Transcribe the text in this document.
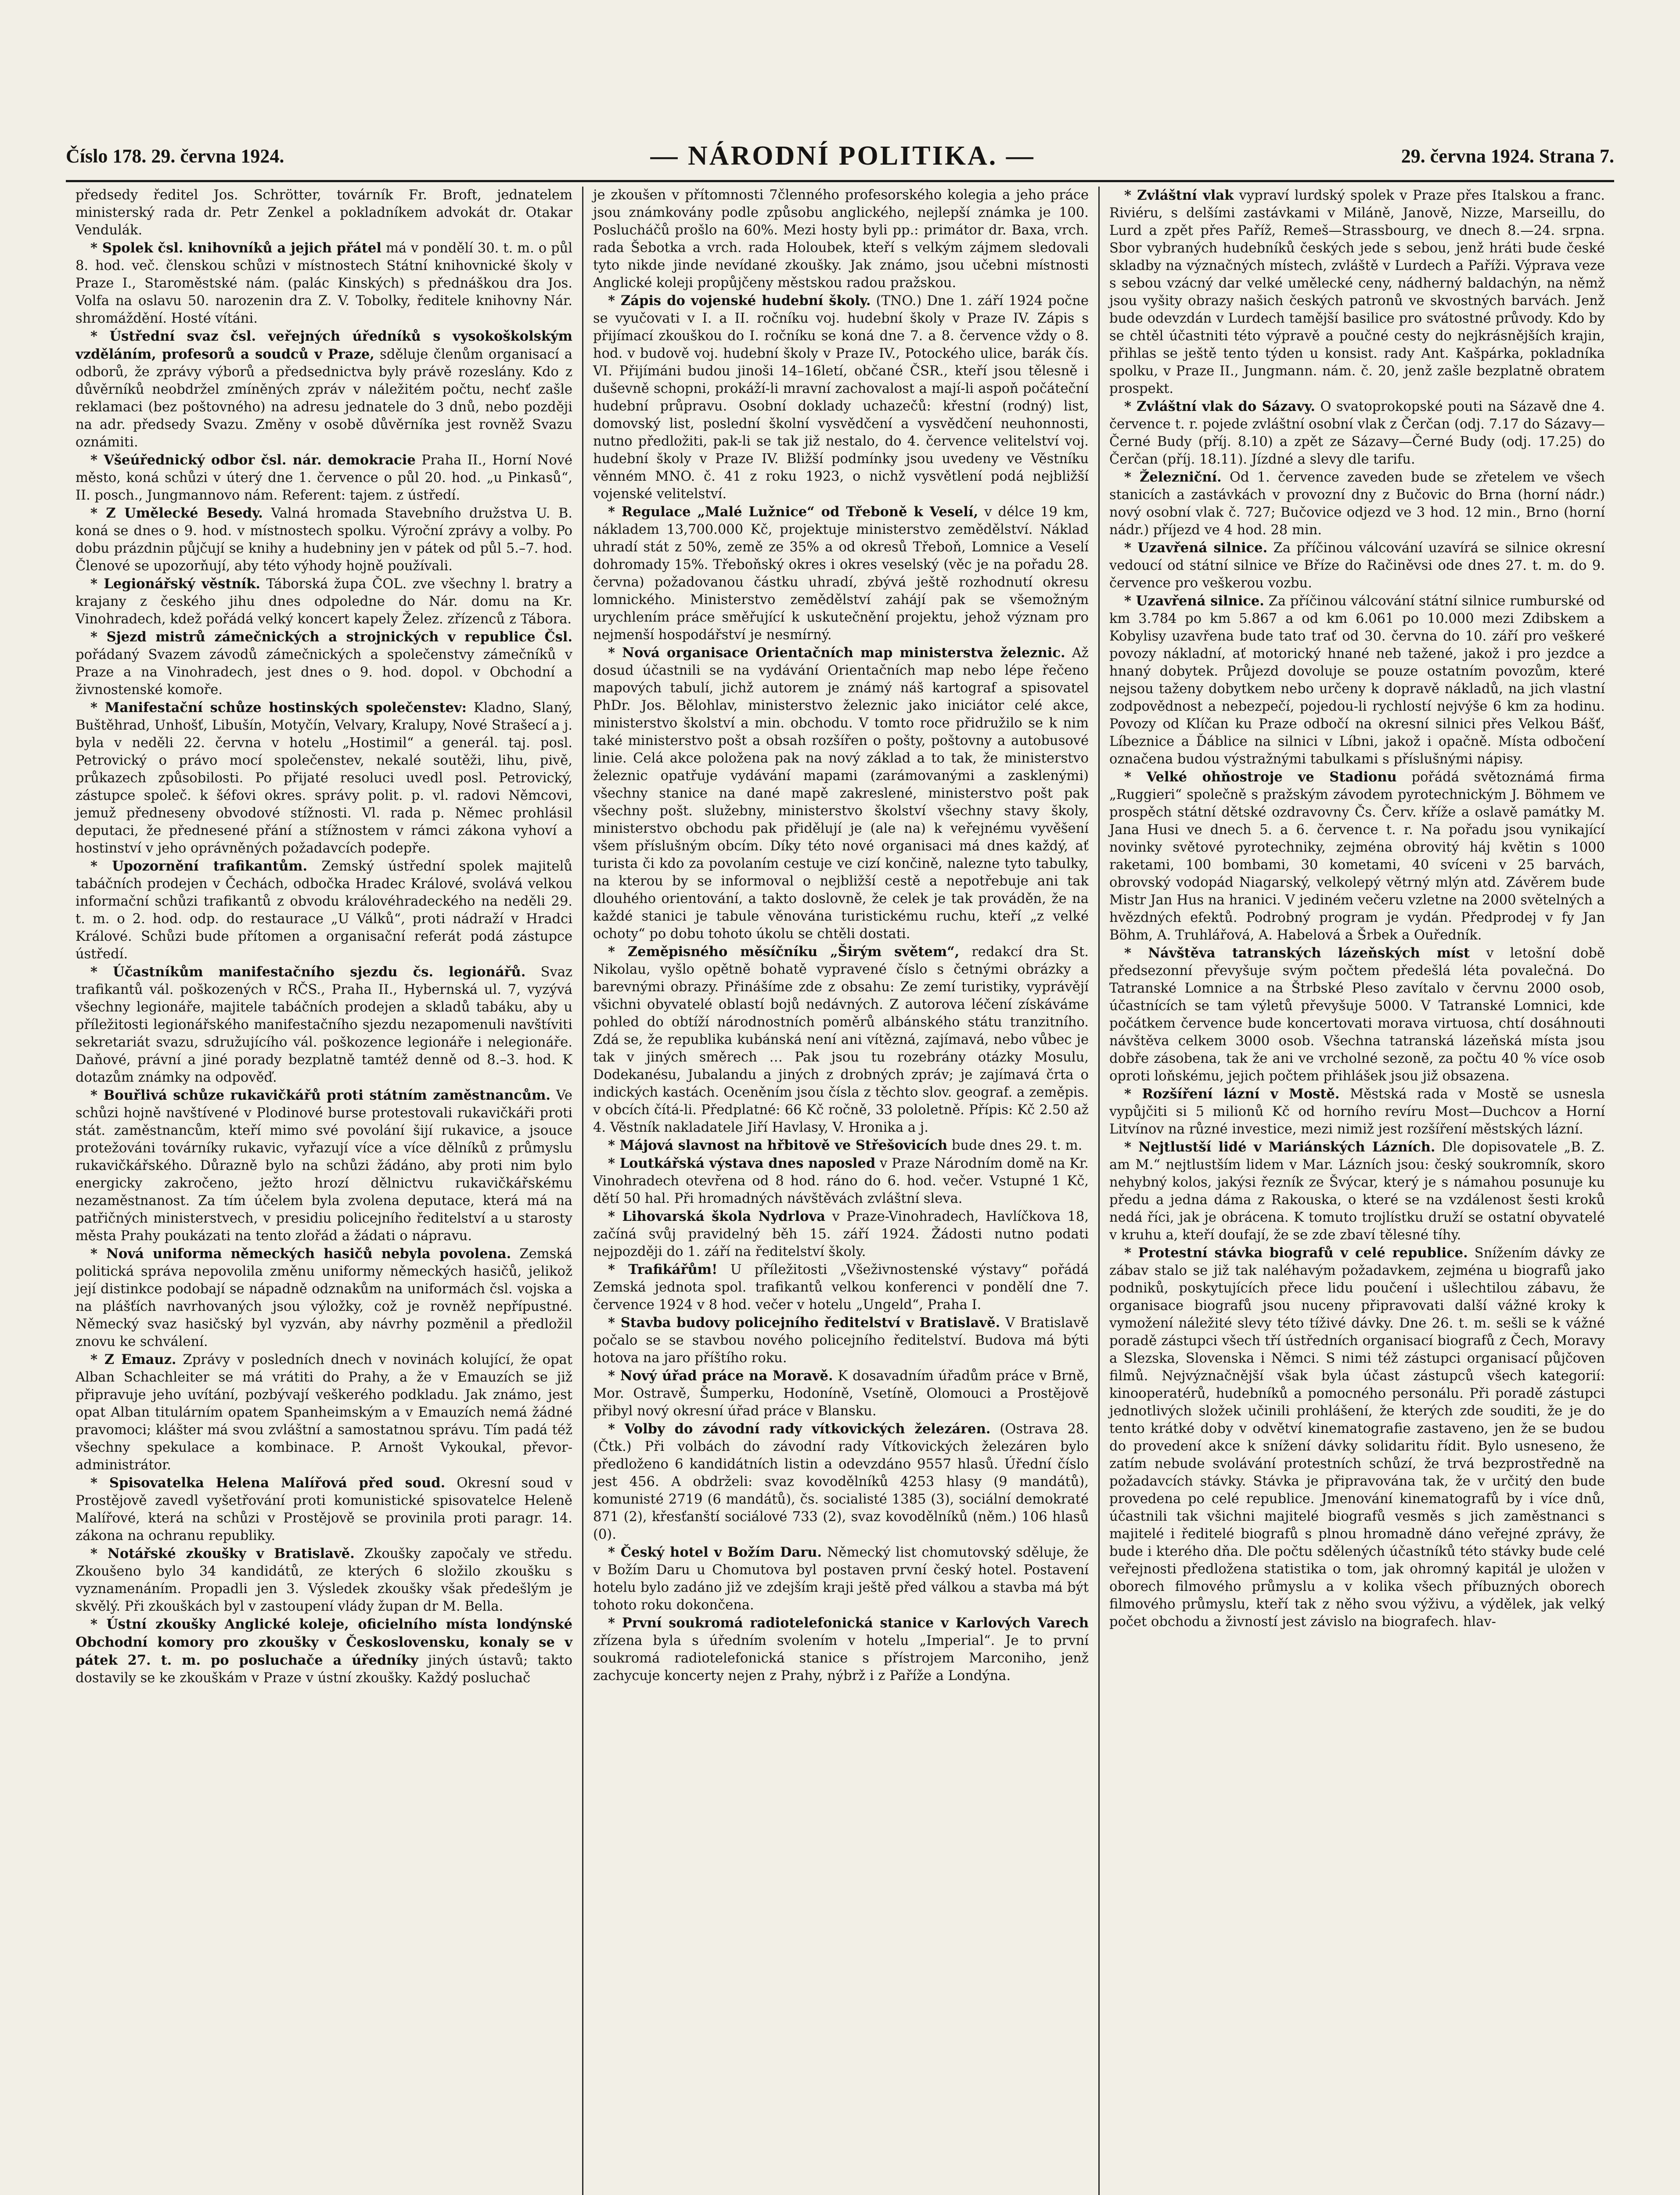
Číslo 178. 29. června 1924.	— NÁRODNÍ POLITIKA. —	29. června 1924. Strana 7.

předsedy ředitel Jos. Schrötter, továrník Fr. Broft, jednatelem ministerský rada dr. Petr Zenkel a pokladníkem advokát dr. Otakar Vendulák.

* Spolek čsl. knihovníků a jejich přátel má v pondělí 30. t. m. o půl 8. hod. več. členskou schůzi v místnostech Státní knihovnické školy v Praze I., Staroměstské nám. (palác Kinských) s přednáškou dra Jos. Volfa na oslavu 50. narozenin dra Z. V. Tobolky, ředitele knihovny Nár. shromáždění. Hosté vítáni.

* Ústřední svaz čsl. veřejných úředníků s vysokoškolským vzděláním, profesorů a soudců v Praze, sděluje členům organisací a odborů, že zprávy výborů a předsednictva byly právě rozeslány. Kdo z důvěrníků neobdržel zmíněných zpráv v náležitém počtu, nechť zašle reklamaci (bez poštovného) na adresu jednatele do 3 dnů, nebo později na adr. předsedy Svazu. Změny v osobě důvěrníka jest rovněž Svazu oznámiti.

* Všeúřednický odbor čsl. nár. demokracie Praha II., Horní Nové město, koná schůzi v úterý dne 1. července o půl 20. hod. „u Pinkasů“, II. posch., Jungmannovo nám. Referent: tajem. z ústředí.

* Z Umělecké Besedy. Valná hromada Stavebního družstva U. B. koná se dnes o 9. hod. v místnostech spolku. Výroční zprávy a volby. Po dobu prázdnin půjčují se knihy a hudebniny jen v pátek od půl 5.–7. hod. Členové se upozorňují, aby této výhody hojně používali.

* Legionářský věstník. Táborská župa ČOL. zve všechny l. bratry a krajany z českého jihu dnes odpoledne do Nár. domu na Kr. Vinohradech, kdež pořádá velký koncert kapely Želez. zřízenců z Tábora.

* Sjezd mistrů zámečnických a strojnických v republice Čsl. pořádaný Svazem závodů zámečnických a společenstvy zámečníků v Praze a na Vinohradech, jest dnes o 9. hod. dopol. v Obchodní a živnostenské komoře.

* Manifestační schůze hostinských společenstev: Kladno, Slaný, Buštěhrad, Unhošť, Libušín, Motyčín, Velvary, Kralupy, Nové Strašecí a j. byla v neděli 22. června v hotelu „Hostimil“ a generál. taj. posl. Petrovický o právo mocí společenstev, nekalé soutěži, lihu, pivě, průkazech způsobilosti. Po přijaté resoluci uvedl posl. Petrovický, zástupce společ. k šéfovi okres. správy polit. p. vl. radovi Němcovi, jemuž předneseny obvodové stížnosti. Vl. rada p. Němec prohlásil deputaci, že přednesené přání a stížnostem v rámci zákona vyhoví a hostinství v jeho oprávněných požadavcích podepře.

* Upozornění trafikantům. Zemský ústřední spolek majitelů tabáčních prodejen v Čechách, odbočka Hradec Králové, svolává velkou informační schůzi trafikantů z obvodu královéhradeckého na neděli 29. t. m. o 2. hod. odp. do restaurace „U Válků“, proti nádraží v Hradci Králové. Schůzi bude přítomen a organisační referát podá zástupce ústředí.

* Účastníkům manifestačního sjezdu čs. legionářů. Svaz trafikantů vál. poškozených v RČS., Praha II., Hybernská ul. 7, vyzývá všechny legionáře, majitele tabáčních prodejen a skladů tabáku, aby u příležitosti legionářského manifestačního sjezdu nezapomenuli navštíviti sekretariát svazu, sdružujícího vál. poškozence legionáře i nelegionáře. Daňové, právní a jiné porady bezplatně tamtéž denně od 8.–3. hod. K dotazům známky na odpověď.

* Bouřlivá schůze rukavičkářů proti státním zaměstnancům. Ve schůzi hojně navštívené v Plodinové burse protestovali rukavičkáři proti stát. zaměstnancům, kteří mimo své povolání šijí rukavice, a jsouce protežováni továrníky rukavic, vyřazují více a více dělníků z průmyslu rukavičkářského. Důrazně bylo na schůzi žádáno, aby proti nim bylo energicky zakročeno, ježto hrozí dělnictvu rukavičkářskému nezaměstnanost. Za tím účelem byla zvolena deputace, která má na patřičných ministerstvech, v presidiu policejního ředitelství a u starosty města Prahy poukázati na tento zlořád a žádati o nápravu.

* Nová uniforma německých hasičů nebyla povolena. Zemská politická správa nepovolila změnu uniformy německých hasičů, jelikož její distinkce podobají se nápadně odznakům na uniformách čsl. vojska a na plášťích navrhovaných jsou výložky, což je rovněž nepřípustné. Německý svaz hasičský byl vyzván, aby návrhy pozměnil a předložil znovu ke schválení.

* Z Emauz. Zprávy v posledních dnech v novinách kolující, že opat Alban Schachleiter se má vrátiti do Prahy, a že v Emauzích se již připravuje jeho uvítání, pozbývají veškerého podkladu. Jak známo, jest opat Alban titulárním opatem Spanheimským a v Emauzích nemá žádné pravomoci; klášter má svou zvláštní a samostatnou správu. Tím padá též všechny spekulace a kombinace. P. Arnošt Vykoukal, převor-administrátor.

* Spisovatelka Helena Malířová před soud. Okresní soud v Prostějově zavedl vyšetřování proti komunistické spisovatelce Heleně Malířové, která na schůzi v Prostějově se provinila proti paragr. 14. zákona na ochranu republiky.

* Notářské zkoušky v Bratislavě. Zkoušky započaly ve středu. Zkoušeno bylo 34 kandidátů, ze kterých 6 složilo zkoušku s vyznamenáním. Propadli jen 3. Výsledek zkoušky však předešlým je skvělý. Při zkouškách byl v zastoupení vlády župan dr M. Bella.

* Ústní zkoušky Anglické koleje, oficielního místa londýnské Obchodní komory pro zkoušky v Československu, konaly se v pátek 27. t. m. po posluchače a úředníky jiných ústavů; takto dostavily se ke zkouškám v Praze v ústní zkoušky. Každý posluchač

je zkoušen v přítomnosti 7členného profesorského kolegia a jeho práce jsou známkovány podle způsobu anglického, nejlepší známka je 100. Poslucháčů prošlo na 60%. Mezi hosty byli pp.: primátor dr. Baxa, vrch. rada Šebotka a vrch. rada Holoubek, kteří s velkým zájmem sledovali tyto nikde jinde nevídané zkoušky. Jak známo, jsou učebni místnosti Anglické koleji propůjčeny městskou radou pražskou.

* Zápis do vojenské hudební školy. (TNO.) Dne 1. září 1924 počne se vyučovati v I. a II. ročníku voj. hudební školy v Praze IV. Zápis s přijímací zkouškou do I. ročníku se koná dne 7. a 8. července vždy o 8. hod. v budově voj. hudební školy v Praze IV., Potockého ulice, barák čís. VI. Přijímáni budou jinoši 14–16letí, občané ČSR., kteří jsou tělesně i duševně schopni, prokáží-li mravní zachovalost a mají-li aspoň počáteční hudební průpravu. Osobní doklady uchazečů: křestní (rodný) list, domovský list, poslední školní vysvědčení a vysvědčení neuhonnosti, nutno předložiti, pak-li se tak již nestalo, do 4. července velitelství voj. hudební školy v Praze IV. Bližší podmínky jsou uvedeny ve Věstníku věnném MNO. č. 41 z roku 1923, o nichž vysvětlení podá nejbližší vojenské velitelství.

* Regulace „Malé Lužnice“ od Třeboně k Veselí, v délce 19 km, nákladem 13,700.000 Kč, projektuje ministerstvo zemědělství. Náklad uhradí stát z 50%, země ze 35% a od okresů Třeboň, Lomnice a Veselí dohromady 15%. Třeboňský okres i okres veselský (věc je na pořadu 28. června) požadovanou částku uhradí, zbývá ještě rozhodnutí okresu lomnického. Ministerstvo zemědělství zahájí pak se všemožným urychlením práce směřující k uskutečnění projektu, jehož význam pro nejmenší hospodářství je nesmírný.

* Nová organisace Orientačních map ministerstva železnic. Až dosud účastnili se na vydávání Orientačních map nebo lépe řečeno mapových tabulí, jichž autorem je známý náš kartograf a spisovatel PhDr. Jos. Bělohlav, ministerstvo železnic jako iniciátor celé akce, ministerstvo školství a min. obchodu. V tomto roce přidružilo se k nim také ministerstvo pošt a obsah rozšířen o pošty, poštovny a autobusové linie. Celá akce položena pak na nový základ a to tak, že ministerstvo železnic opatřuje vydávání mapami (zarámovanými a zasklenými) všechny stanice na dané mapě zakreslené, ministerstvo pošt pak všechny pošt. služebny, ministerstvo školství všechny stavy školy, ministerstvo obchodu pak přidělují je (ale na) k veřejnému vyvěšení všem příslušným obcím. Díky této nové organisaci má dnes každý, ať turista či kdo za povolaním cestuje ve cizí končině, nalezne tyto tabulky, na kterou by se informoval o nejbližší cestě a nepotřebuje ani tak dlouhého orientování, a takto doslovně, že celek je tak prováděn, že na každé stanici je tabule věnována turistickému ruchu, kteří „z velké ochoty“ po dobu tohoto úkolu se chtěli dostati.

* Zeměpisného měsíčníku „Širým světem“, redakcí dra St. Nikolau, vyšlo opětně bohatě vypravené číslo s četnými obrázky a barevnými obrazy. Přinášíme zde z obsahu: Ze zemí turistiky, vyprávějí všichni obyvatelé oblastí bojů nedávných. Z autorova léčení získáváme pohled do obtíží národnostních poměrů albánského státu tranzitního. Zdá se, že republika kubánská není ani vítězná, zajímavá, nebo vůbec je tak v jiných směrech … Pak jsou tu rozebrány otázky Mosulu, Dodekanésu, Jubalandu a jiných z drobných zpráv; je zajímavá črta o indických kastách. Oceněním jsou čísla z těchto slov. geograf. a zeměpis. v obcích čítá-li. Předplatné: 66 Kč ročně, 33 pololetně. Přípis: Kč 2.50 až 4. Věstník nakladatele Jiří Havlasy, V. Hronika a j.

* Májová slavnost na hřbitově ve Střešovicích bude dnes 29. t. m.

* Loutkářská výstava dnes naposled v Praze Národním domě na Kr. Vinohradech otevřena od 8 hod. ráno do 6. hod. večer. Vstupné 1 Kč, dětí 50 hal. Při hromadných návštěvách zvláštní sleva.

* Lihovarská škola Nydrlova v Praze-Vinohradech, Havlíčkova 18, začíná svůj pravidelný běh 15. září 1924. Žádosti nutno podati nejpozději do 1. září na ředitelství školy.

* Trafikářům! U příležitosti „Všeživnostenské výstavy“ pořádá Zemská jednota spol. trafikantů velkou konferenci v pondělí dne 7. července 1924 v 8 hod. večer v hotelu „Ungeld“, Praha I.

* Stavba budovy policejního ředitelství v Bratislavě. V Bratislavě počalo se se stavbou nového policejního ředitelství. Budova má býti hotova na jaro příštího roku.

* Nový úřad práce na Moravě. K dosavadním úřadům práce v Brně, Mor. Ostravě, Šumperku, Hodoníně, Vsetíně, Olomouci a Prostějově přibyl nový okresní úřad práce v Blansku.

* Volby do závodní rady vítkovických železáren. (Ostrava 28. (Čtk.) Při volbách do závodní rady Vítkovických železáren bylo předloženo 6 kandidátních listin a odevzdáno 9557 hlasů. Úřední číslo jest 456. A obdrželi: svaz kovodělníků 4253 hlasy (9 mandátů), komunisté 2719 (6 mandátů), čs. socialisté 1385 (3), sociální demokraté 871 (2), křesťanští sociálové 733 (2), svaz kovodělníků (něm.) 106 hlasů (0).

* Český hotel v Božím Daru. Německý list chomutovský sděluje, že v Božím Daru u Chomutova byl postaven první český hotel. Postavení hotelu bylo zadáno již ve zdejším kraji ještě před válkou a stavba má být tohoto roku dokončena.

* První soukromá radiotelefonická stanice v Karlových Varech zřízena byla s úředním svolením v hotelu „Imperial“. Je to první soukromá radiotelefonická stanice s přístrojem Marconiho, jenž zachycuje koncerty nejen z Prahy, nýbrž i z Paříže a Londýna.

* Zvláštní vlak vypraví lurdský spolek v Praze přes Italskou a franc. Riviéru, s delšími zastávkami v Miláně, Janově, Nizze, Marseillu, do Lurd a zpět přes Paříž, Remeš—Strassbourg, ve dnech 8.—24. srpna. Sbor vybraných hudebníků českých jede s sebou, jenž hráti bude české skladby na význačných místech, zvláště v Lurdech a Paříži. Výprava veze s sebou vzácný dar velké umělecké ceny, nádherný baldachýn, na němž jsou vyšity obrazy našich českých patronů ve skvostných barvách. Jenž bude odevzdán v Lurdech tamější basilice pro svátostné průvody. Kdo by se chtěl účastniti této výpravě a poučné cesty do nejkrásnějších krajin, přihlas se ještě tento týden u konsist. rady Ant. Kašpárka, pokladníka spolku, v Praze II., Jungmann. nám. č. 20, jenž zašle bezplatně obratem prospekt.

* Zvláštní vlak do Sázavy. O svatoprokopské pouti na Sázavě dne 4. července t. r. pojede zvláštní osobní vlak z Čerčan (odj. 7.17 do Sázavy—Černé Budy (příj. 8.10) a zpět ze Sázavy—Černé Budy (odj. 17.25) do Čerčan (příj. 18.11). Jízdné a slevy dle tarifu.

* Železniční. Od 1. července zaveden bude se zřetelem ve všech stanicích a zastávkách v provozní dny z Bučovic do Brna (horní nádr.) nový osobní vlak č. 727; Bučovice odjezd ve 3 hod. 12 min., Brno (horní nádr.) příjezd ve 4 hod. 28 min.

* Uzavřená silnice. Za příčinou válcování uzavírá se silnice okresní vedoucí od státní silnice ve Bříze do Račiněvsi ode dnes 27. t. m. do 9. července pro veškerou vozbu.

* Uzavřená silnice. Za příčinou válcování státní silnice rumburské od km 3.784 po km 5.867 a od km 6.061 po 10.000 mezi Zdibskem a Kobylisy uzavřena bude tato trať od 30. června do 10. září pro veškeré povozy nákladní, ať motorický hnané neb tažené, jakož i pro jezdce a hnaný dobytek. Průjezd dovoluje se pouze ostatním povozům, které nejsou taženy dobytkem nebo určeny k dopravě nákladů, na jich vlastní zodpovědnost a nebezpečí, pojedou-li rychlostí nejvýše 6 km za hodinu. Povozy od Klíčan ku Praze odbočí na okresní silnici přes Velkou Bášť, Líbeznice a Ďáblice na silnici v Líbni, jakož i opačně. Místa odbočení označena budou výstražnými tabulkami s příslušnými nápisy.

* Velké ohňostroje ve Stadionu pořádá světoznámá firma „Ruggieri“ společně s pražským závodem pyrotechnickým J. Böhmem ve prospěch státní dětské ozdravovny Čs. Červ. kříže a oslavě památky M. Jana Husi ve dnech 5. a 6. července t. r. Na pořadu jsou vynikající novinky světové pyrotechniky, zejména obrovitý háj květin s 1000 raketami, 100 bombami, 30 kometami, 40 svíceni v 25 barvách, obrovský vodopád Niagarský, velkolepý větrný mlýn atd. Závěrem bude Mistr Jan Hus na hranici. V jediném večeru vzletne na 2000 světelných a hvězdných efektů. Podrobný program je vydán. Předprodej v fy Jan Böhm, A. Truhlářová, A. Habelová a Šrbek a Ouředník.

* Návštěva tatranských lázeňských míst v letošní době předsezonní převyšuje svým počtem předešlá léta povalečná. Do Tatranské Lomnice a na Štrbské Pleso zavítalo v červnu 2000 osob, účastnících se tam výletů převyšuje 5000. V Tatranské Lomnici, kde počátkem července bude koncertovati morava virtuosa, chtí dosáhnouti návštěva celkem 3000 osob. Všechna tatranská lázeňská místa jsou dobře zásobena, tak že ani ve vrcholné sezoně, za počtu 40 % více osob oproti loňskému, jejich počtem přihlášek jsou již obsazena.

* Rozšíření lázní v Mostě. Městská rada v Mostě se usnesla vypůjčiti si 5 milionů Kč od horního revíru Most—Duchcov a Horní Litvínov na různé investice, mezi nimiž jest rozšíření městských lázní.

* Nejtlustší lidé v Mariánských Lázních. Dle dopisovatele „B. Z. am M.“ nejtlustším lidem v Mar. Lázních jsou: český soukromník, skoro nehybný kolos, jakýsi řezník ze Švýcar, který je s námahou posunuje ku předu a jedna dáma z Rakouska, o které se na vzdálenost šesti kroků nedá říci, jak je obrácena. K tomuto trojlístku druží se ostatní obyvatelé v kruhu a, kteří doufají, že se zde zbaví tělesné tíhy.

* Protestní stávka biografů v celé republice. Snížením dávky ze zábav stalo se již tak naléhavým požadavkem, zejména u biografů jako podniků, poskytujících přece lidu poučení i ušlechtilou zábavu, že organisace biografů jsou nuceny připravovati další vážné kroky k vymožení náležité slevy této tíživé dávky. Dne 26. t. m. sešli se k vážné poradě zástupci všech tří ústředních organisací biografů z Čech, Moravy a Slezska, Slovenska i Němci. S nimi též zástupci organisací půjčoven filmů. Nejvýznačnější však byla účast zástupců všech kategorií: kinooperatérů, hudebníků a pomocného personálu. Při poradě zástupci jednotlivých složek učinili prohlášení, že kterých zde souditi, že je do tento krátké doby v odvětví kinematografie zastaveno, jen že se budou do provedení akce k snížení dávky solidaritu řídit. Bylo usneseno, že zatím nebude svolávání protestních schůzí, že trvá bezprostředně na požadavcích stávky. Stávka je připravována tak, že v určitý den bude provedena po celé republice. Jmenování kinematografů by i více dnů, účastnili tak všichni majitelé biografů vesměs s jich zaměstnanci s majitelé i ředitelé biografů s plnou hromadně dáno veřejné zprávy, že bude i kterého dňa. Dle počtu sdělených účastníků této stávky bude celé veřejnosti předložena statistika o tom, jak ohromný kapitál je uložen v oborech filmového průmyslu a v kolika všech příbuzných oborech filmového průmyslu, kteří tak z něho svou výživu, a výdělek, jak velký počet obchodu a živností jest závislo na biografech. hlav-
